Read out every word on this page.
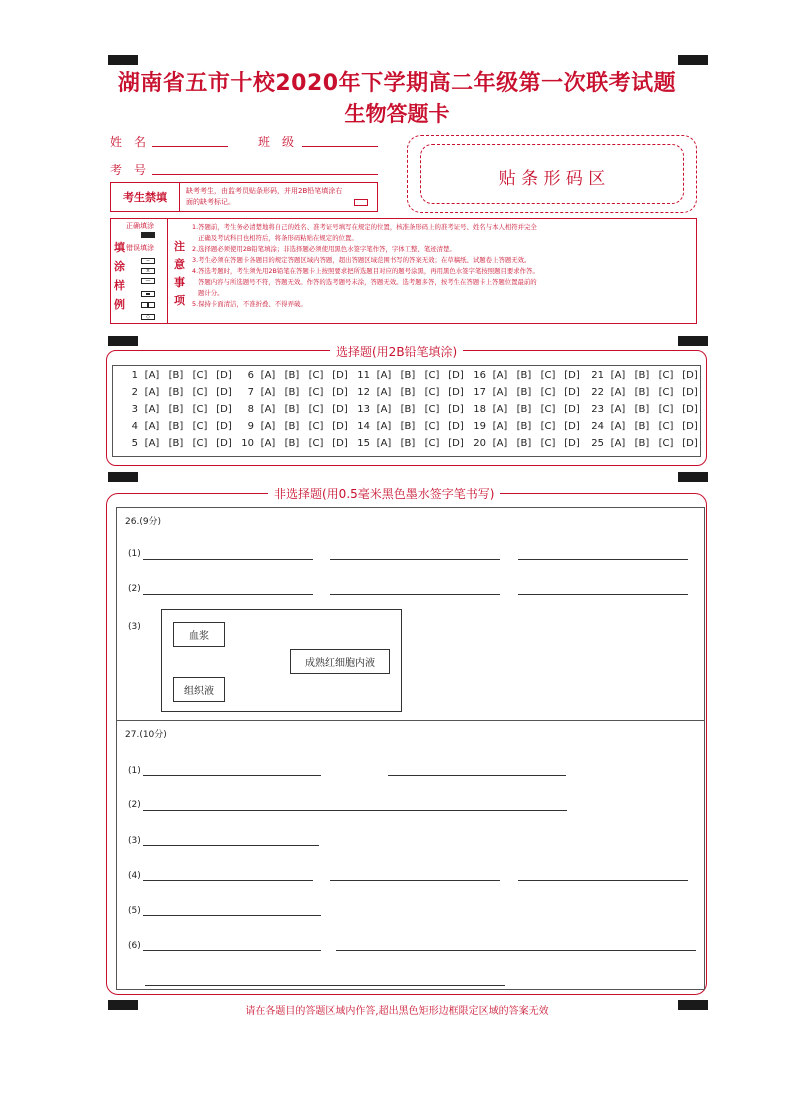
湖南省五市十校2020年下学期高二年级第一次联考试题
生物答题卡
姓　名	班　级
考　号	贴 条 形 码 区
考生禁填	缺考考生，由监考员贴条形码，并用2B铅笔填涂右
面的缺考标记。
正确填涂
错误填涂
−
×
—
◇
填
涂
样
例
注
意
事
项
1.答题前，考生务必清楚地将自己的姓名、准考证号填写在规定的位置，核准条形码上的准考证号、姓名与本人相符并完全
正确及考试科目也相符后，将条形码粘贴在规定的位置。
2.选择题必须使用2B铅笔填涂；非选择题必须使用黑色水签字笔作答，字体工整、笔迹清楚。
3.考生必须在答题卡各题目的规定答题区域内答题，超出答题区域范围书写的答案无效；在草稿纸、试题卷上答题无效。
4.答选考题时，考生须先用2B铅笔在答题卡上按照要求把所选题目对应的题号涂黑，再用黑色水签字笔按照题目要求作答。
答题内容与所选题号不符，答题无效。作答的选考题号未涂，答题无效。选考题多答，按考生在答题卡上答题位置最前的
题计分。
5.保持卡面清洁，不准折叠、不得弄破。
选择题(用2B铅笔填涂)
1 [A] [B] [C] [D]
2 [A] [B] [C] [D]
3 [A] [B] [C] [D]
4 [A] [B] [C] [D]
5 [A] [B] [C] [D]
6 [A] [B] [C] [D]
7 [A] [B] [C] [D]
8 [A] [B] [C] [D]
9 [A] [B] [C] [D]
10 [A] [B] [C] [D]
11 [A] [B] [C] [D]
12 [A] [B] [C] [D]
13 [A] [B] [C] [D]
14 [A] [B] [C] [D]
15 [A] [B] [C] [D]
16 [A] [B] [C] [D]
17 [A] [B] [C] [D]
18 [A] [B] [C] [D]
19 [A] [B] [C] [D]
20 [A] [B] [C] [D]
21 [A] [B] [C] [D]
22 [A] [B] [C] [D]
23 [A] [B] [C] [D]
24 [A] [B] [C] [D]
25 [A] [B] [C] [D]
非选择题(用0.5毫米黑色墨水签字笔书写)
26.(9分)
(1)
(2)
(3)
血浆
成熟红细胞内液
组织液
27.(10分)
(1)
(2)
(3)
(4)
(5)
(6)
请在各题目的答题区域内作答,超出黑色矩形边框限定区域的答案无效
